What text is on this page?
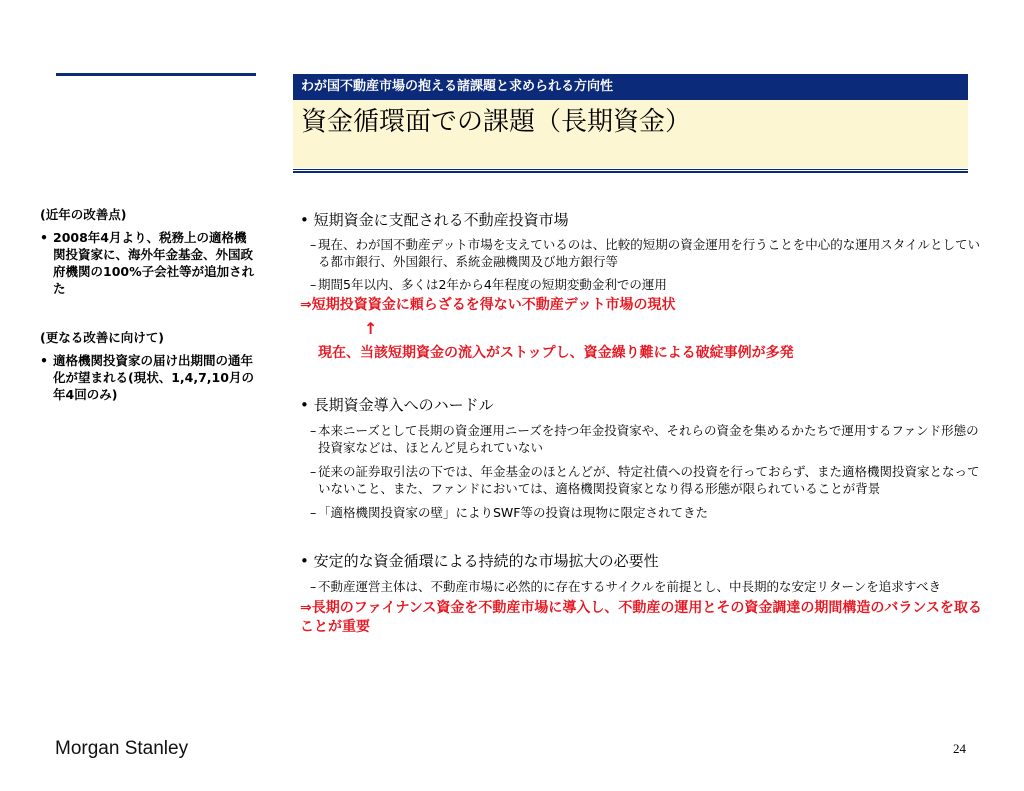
わが国不動産市場の抱える諸課題と求められる方向性
資金循環面での課題（長期資金）

(近年の改善点)

• 2008年4月より、税務上の適格機関投資家に、海外年金基金、外国政府機関の100%子会社等が追加された

(更なる改善に向けて)

• 適格機関投資家の届け出期間の通年化が望まれる(現状、1,4,7,10月の年4回のみ)

• 短期資金に支配される不動産投資市場

– 現在、わが国不動産デット市場を支えているのは、比較的短期の資金運用を行うことを中心的な運用スタイルとしている都市銀行、外国銀行、系統金融機関及び地方銀行等
– 期間5年以内、多くは2年から4年程度の短期変動金利での運用

⇒短期投資資金に頼らざるを得ない不動産デット市場の現状

↑

現在、当該短期資金の流入がストップし、資金繰り難による破綻事例が多発

• 長期資金導入へのハードル

– 本来ニーズとして長期の資金運用ニーズを持つ年金投資家や、それらの資金を集めるかたちで運用するファンド形態の投資家などは、ほとんど見られていない
– 従来の証券取引法の下では、年金基金のほとんどが、特定社債への投資を行っておらず、また適格機関投資家となっていないこと、また、ファンドにおいては、適格機関投資家となり得る形態が限られていることが背景
– 「適格機関投資家の壁」によりSWF等の投資は現物に限定されてきた

• 安定的な資金循環による持続的な市場拡大の必要性

– 不動産運営主体は、不動産市場に必然的に存在するサイクルを前提とし、中長期的な安定リターンを追求すべき

⇒長期のファイナンス資金を不動産市場に導入し、不動産の運用とその資金調達の期間構造のバランスを取ることが重要

Morgan Stanley	24
